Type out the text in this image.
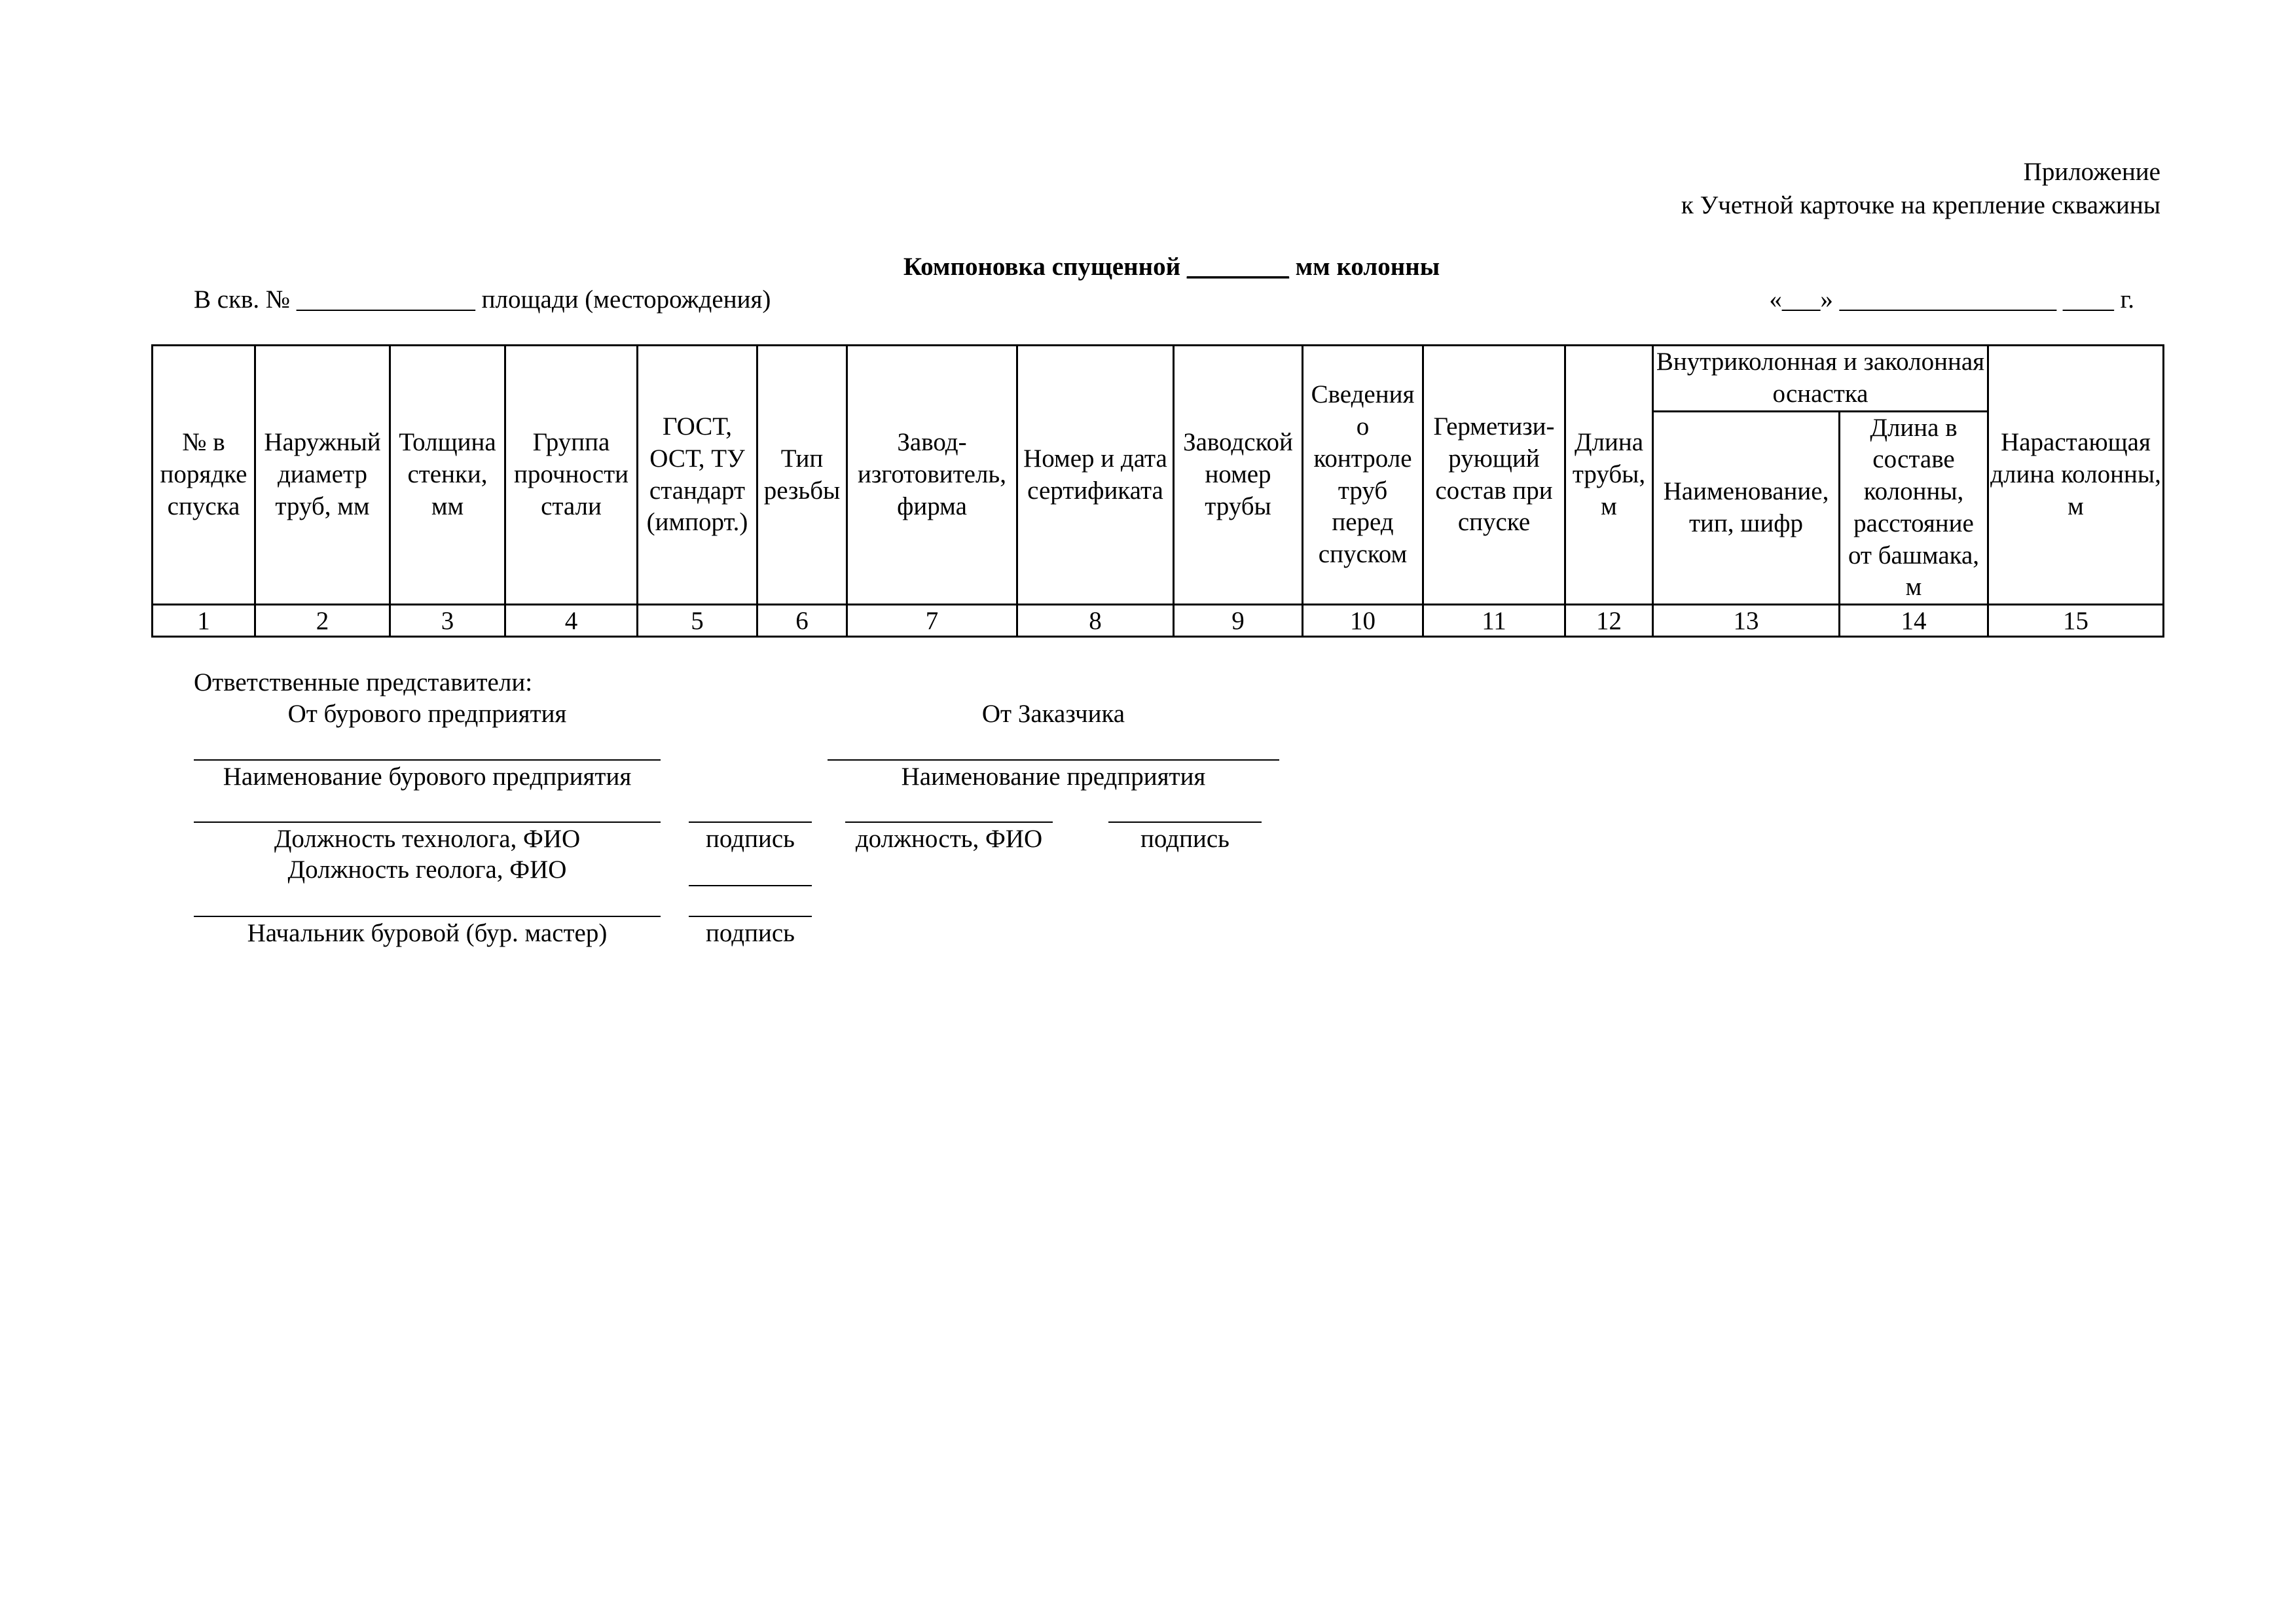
Приложение
к Учетной карточке на крепление скважины
Компоновка спущенной ________ мм колонны
В скв. № ______________ площади (месторождения)	«___» _________________ ____ г.
№ в порядке спуска	Наружный диаметр труб, мм	Толщина стенки, мм	Группа прочности стали	ГОСТ, ОСТ, ТУ стандарт (импорт.)	Тип резьбы	Завод-изготовитель, фирма	Номер и дата сертификата	Заводской номер трубы	Сведения о контроле труб перед спуском	Герметизи-рующий состав при спуске	Длина трубы, м	Внутриколонная и заколонная оснастка		Нарастающая длина колонны, м
												Наименование, тип, шифр	Длина в составе колонны, расстояние от башмака, м	
1	2	3	4	5	6	7	8	9	10	11	12	13	14	15
Ответственные представители:
От бурового предприятия	От Заказчика
Наименование бурового предприятия	Наименование предприятия
Должность технолога, ФИО	подпись	должность, ФИО	подпись
Должность геолога, ФИО
Начальник буровой (бур. мастер)	подпись
